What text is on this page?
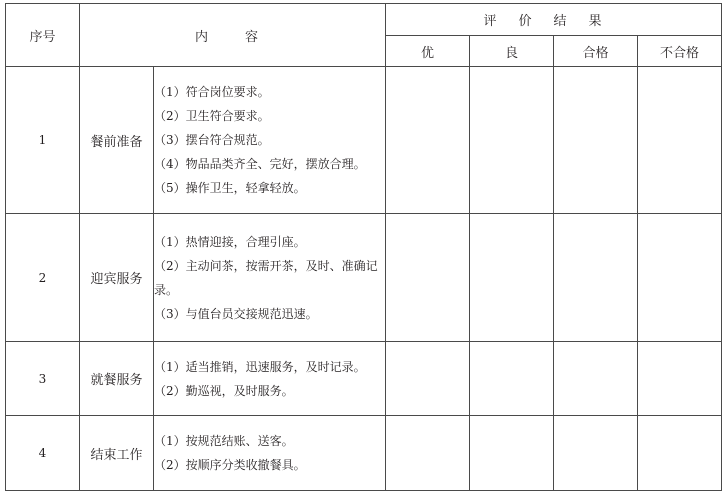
序号	内　容		评价结果			
			优	良	合格	不合格
1	餐前准备	（1）符合岗位要求。
（2）卫生符合要求。
（3）摆台符合规范。
（4）物品品类齐全、完好，摆放合理。
（5）操作卫生，轻拿轻放。				

2	迎宾服务	（1）热情迎接，合理引座。
（2）主动问茶，按需开茶，及时、准确记录。
（3）与值台员交接规范迅速。				

3	就餐服务	（1）适当推销，迅速服务，及时记录。
（2）勤巡视，及时服务。				

4	结束工作	（1）按规范结账、送客。
（2）按顺序分类收撤餐具。				
